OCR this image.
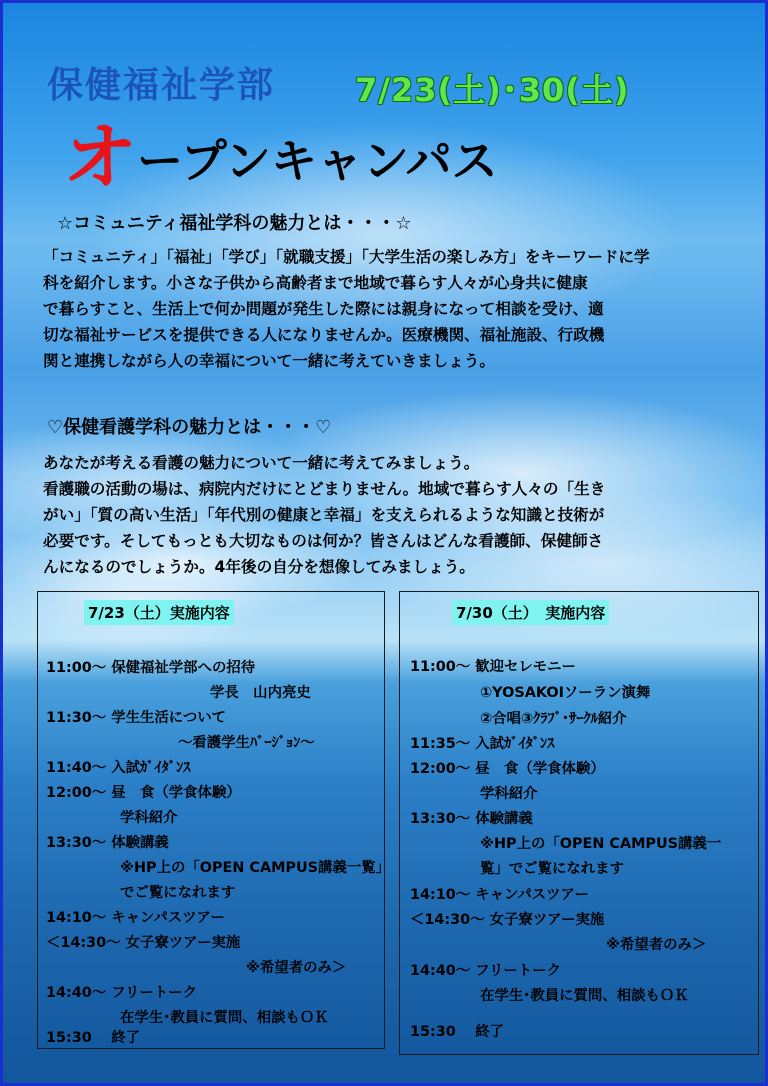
保健福祉学部 7/23(土)･30(土)
オープンキャンパス
☆コミュニティ福祉学科の魅力とは・・・☆
「コミュニティ」「福祉」「学び」「就職支援」「大学生活の楽しみ方」をキーワードに学
科を紹介します。小さな子供から高齢者まで地域で暮らす人々が心身共に健康
で暮らすこと、生活上で何か問題が発生した際には親身になって相談を受け、適
切な福祉サービスを提供できる人になりませんか。医療機関、福祉施設、行政機
関と連携しながら人の幸福について一緒に考えていきましょう。
♡保健看護学科の魅力とは・・・♡
あなたが考える看護の魅力について一緒に考えてみましょう。
看護職の活動の場は、病院内だけにとどまりません。地域で暮らす人々の「生き
がい」「質の高い生活」「年代別の健康と幸福」を支えられるような知識と技術が
必要です。そしてもっとも大切なものは何か？皆さんはどんな看護師、保健師さ
んになるのでしょうか。4年後の自分を想像してみましょう。
7/23（土）実施内容
11:00～ 保健福祉学部への招待
学長　山内亮史
11:30～ 学生生活について
～看護学生ﾊﾞｰｼﾞｮﾝ～
11:40～ 入試ｶﾞｲﾀﾞﾝｽ
12:00～ 昼　食（学食体験）
学科紹介
13:30～ 体験講義
※HP上の「OPEN CAMPUS講義一覧」
でご覧になれます
14:10～ キャンパスツアー
＜14:30～ 女子寮ツアー実施
※希望者のみ＞
14:40～ フリートーク
在学生･教員に質問、相談もＯＫ
15:30　 終了
7/30（土）　実施内容
11:00～ 歓迎セレモニー
①YOSAKOIソーラン演舞
②合唱③ｸﾗﾌﾞ･ｻｰｸﾙ紹介
11:35～ 入試ｶﾞｲﾀﾞﾝｽ
12:00～ 昼　食（学食体験）
学科紹介
13:30～ 体験講義
※HP上の「OPEN CAMPUS講義一
覧」でご覧になれます
14:10～ キャンパスツアー
＜14:30～ 女子寮ツアー実施
※希望者のみ＞
14:40～ フリートーク
在学生･教員に質問、相談もＯＫ
15:30　 終了
